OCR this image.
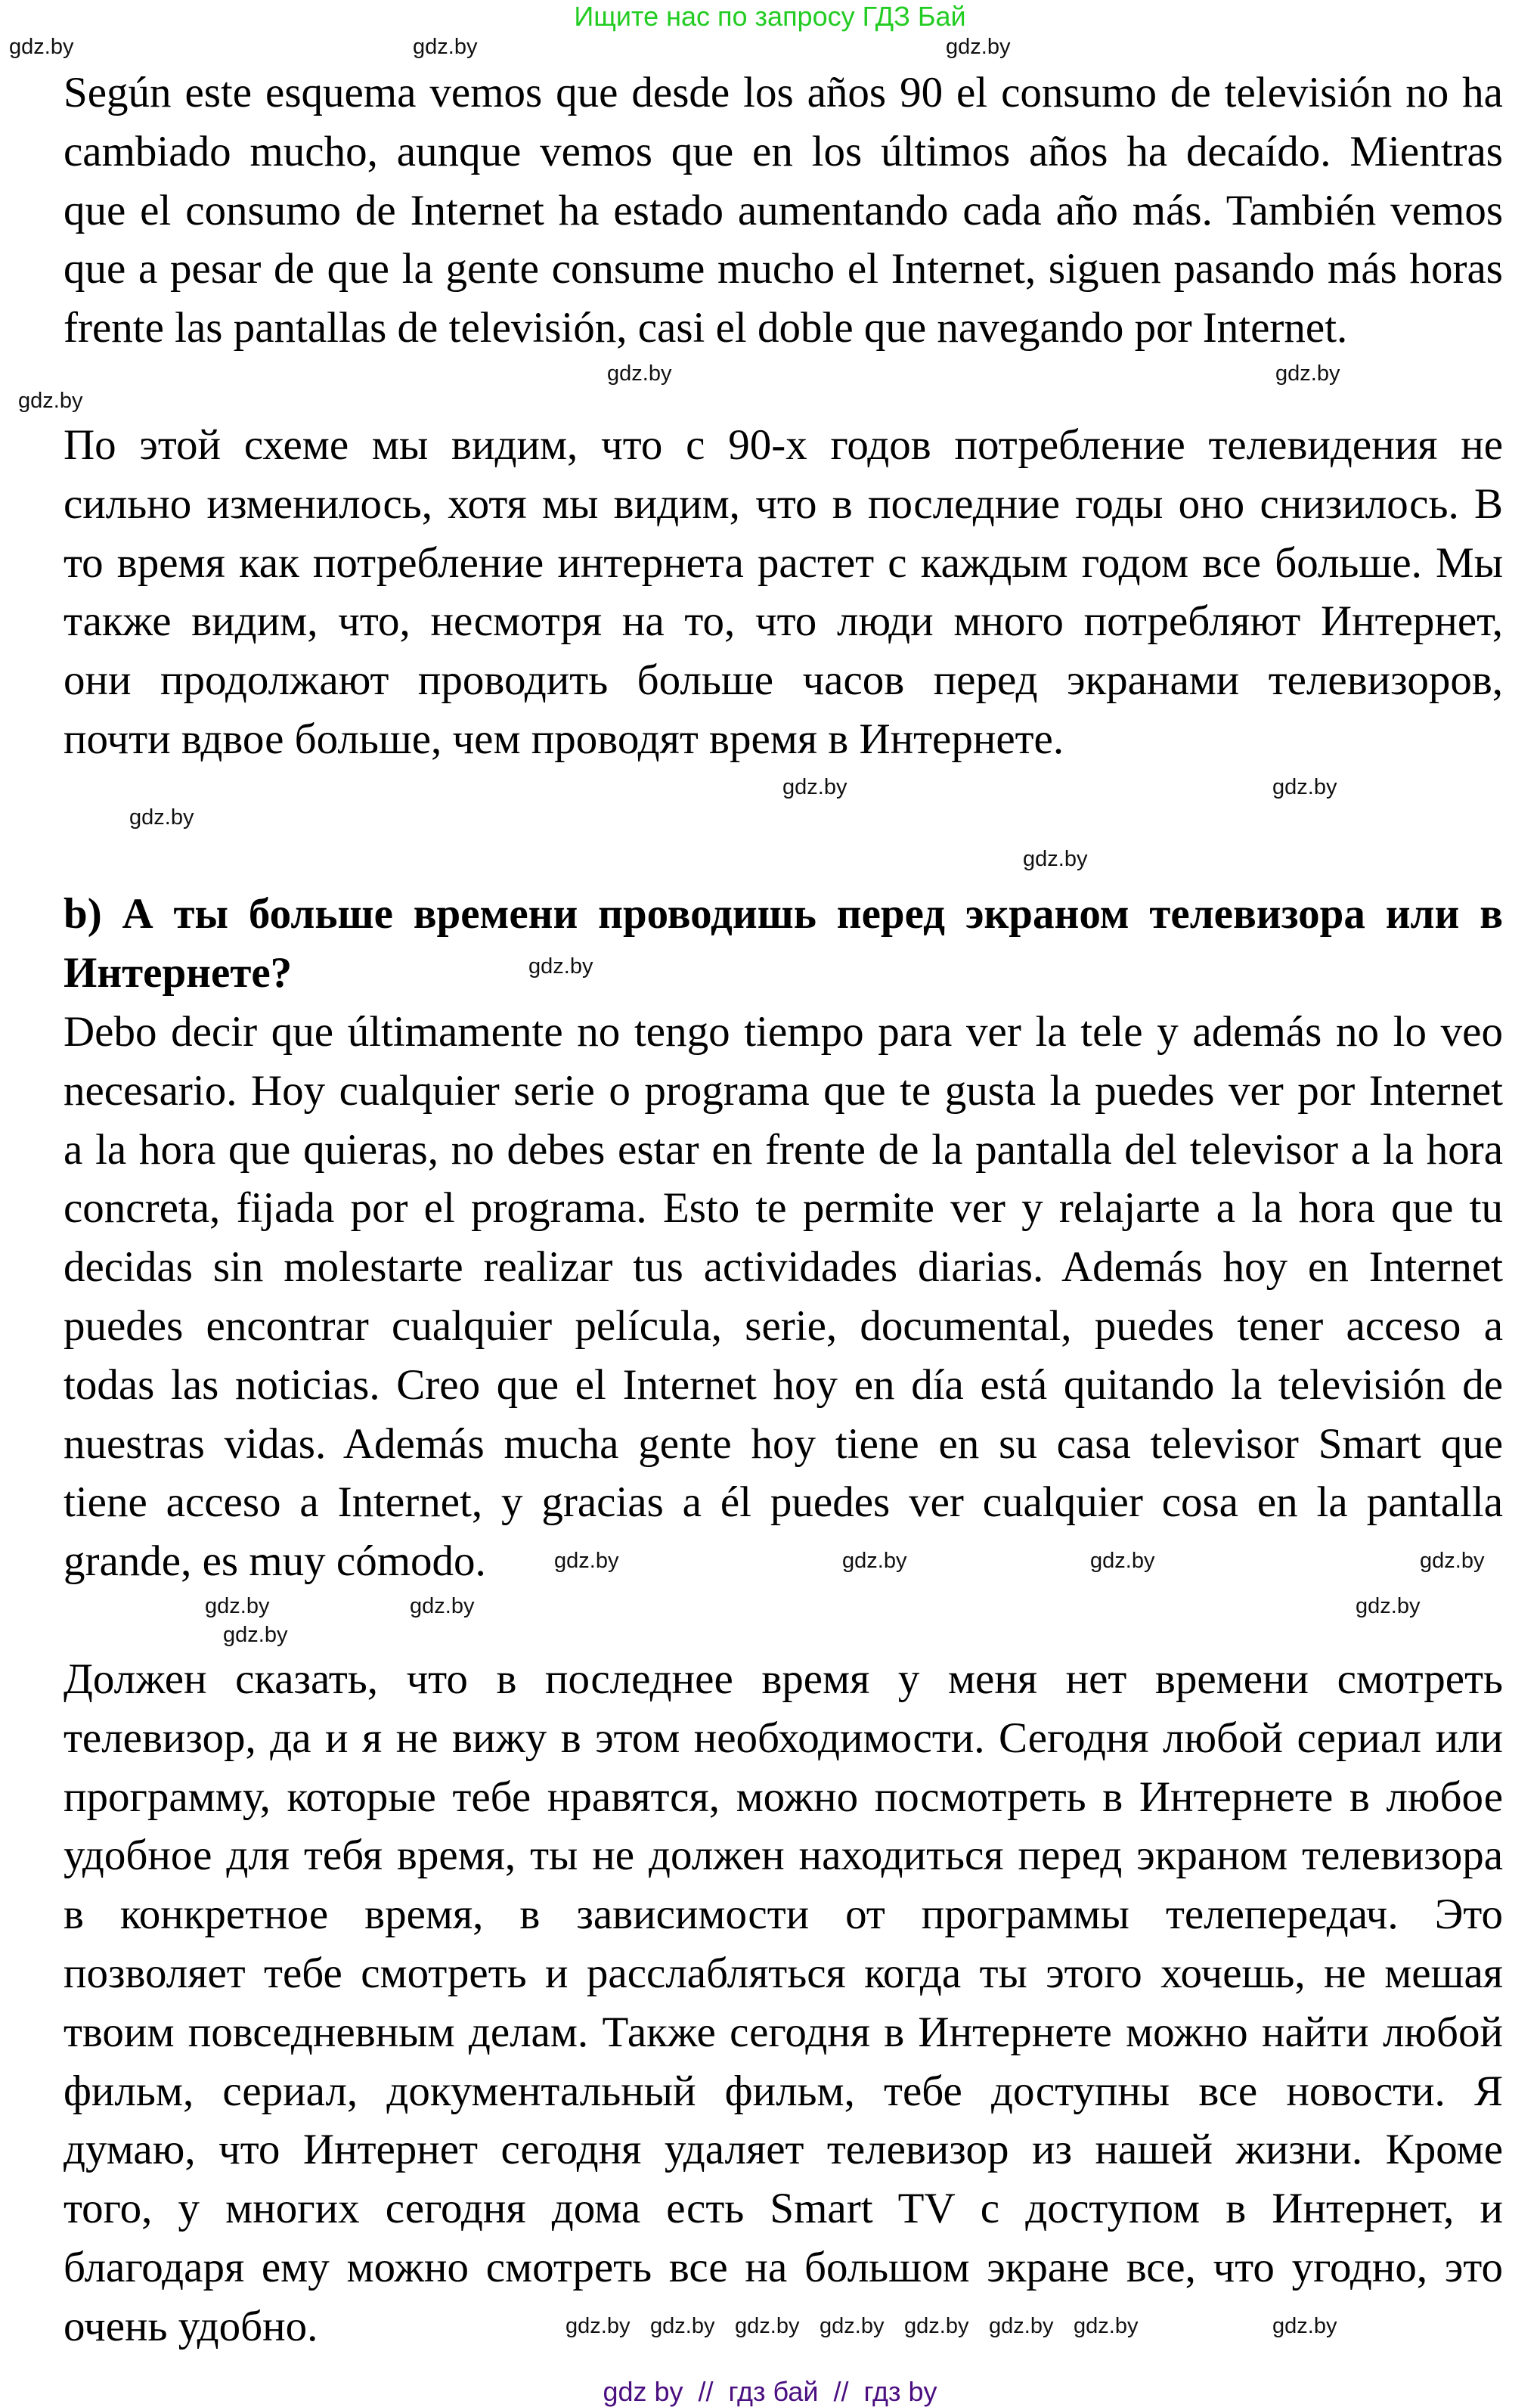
Ищите нас по запросу ГДЗ Бай
Según este esquema vemos que desde los años 90 el consumo de televisión no ha
cambiado mucho, aunque vemos que en los últimos años ha decaído. Mientras
que el consumo de Internet ha estado aumentando cada año más. También vemos
que a pesar de que la gente consume mucho el Internet, siguen pasando más horas
frente las pantallas de televisión, casi el doble que navegando por Internet.
По этой схеме мы видим, что с 90-х годов потребление телевидения не
сильно изменилось, хотя мы видим, что в последние годы оно снизилось. В
то время как потребление интернета растет с каждым годом все больше. Мы
также видим, что, несмотря на то, что люди много потребляют Интернет,
они продолжают проводить больше часов перед экранами телевизоров,
почти вдвое больше, чем проводят время в Интернете.
b) А ты больше времени проводишь перед экраном телевизора или в
Интернете?
Debo decir que últimamente no tengo tiempo para ver la tele y además no lo veo
necesario. Hoy cualquier serie o programa que te gusta la puedes ver por Internet
a la hora que quieras, no debes estar en frente de la pantalla del televisor a la hora
concreta, fijada por el programa. Esto te permite ver y relajarte a la hora que tu
decidas sin molestarte realizar tus actividades diarias. Además hoy en Internet
puedes encontrar cualquier película, serie, documental, puedes tener acceso a
todas las noticias. Creo que el Internet hoy en día está quitando la televisión de
nuestras vidas. Además mucha gente hoy tiene en su casa televisor Smart que
tiene acceso a Internet, y gracias a él puedes ver cualquier cosa en la pantalla
grande, es muy cómodo.
Должен сказать, что в последнее время у меня нет времени смотреть
телевизор, да и я не вижу в этом необходимости. Сегодня любой сериал или
программу, которые тебе нравятся, можно посмотреть в Интернете в любое
удобное для тебя время, ты не должен находиться перед экраном телевизора
в конкретное время, в зависимости от программы телепередач. Это
позволяет тебе смотреть и расслабляться когда ты этого хочешь, не мешая
твоим повседневным делам. Также сегодня в Интернете можно найти любой
фильм, сериал, документальный фильм, тебе доступны все новости. Я
думаю, что Интернет сегодня удаляет телевизор из нашей жизни. Кроме
того, у многих сегодня дома есть Smart TV с доступом в Интернет, и
благодаря ему можно смотреть все на большом экране все, что угодно, это
очень удобно.
gdz.by	gdz.by	gdz.by
gdz.by	gdz.by
gdz.by
gdz.by	gdz.by
gdz.by
gdz.by
gdz.by
gdz.by	gdz.by	gdz.by	gdz.by
gdz.by	gdz.by	gdz.by
gdz.by
gdz.by gdz.by gdz.by gdz.by gdz.by gdz.by gdz.by	gdz.by
gdz by  //  гдз бай  //  гдз by
